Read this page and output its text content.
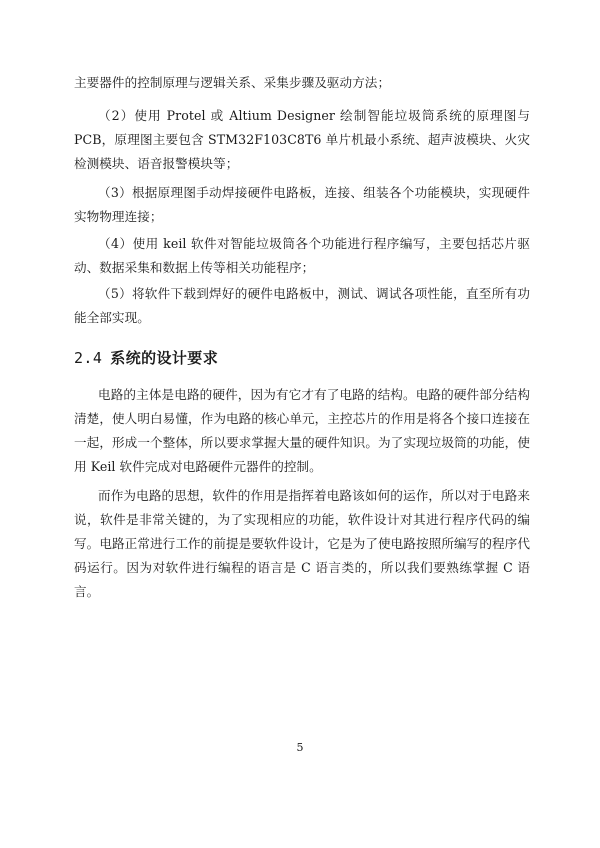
主要器件的控制原理与逻辑关系、采集步骤及驱动方法；

（2）使用 Protel 或 Altium Designer 绘制智能垃圾筒系统的原理图与 PCB，原理图主要包含 STM32F103C8T6 单片机最小系统、超声波模块、火灾检测模块、语音报警模块等；

（3）根据原理图手动焊接硬件电路板，连接、组装各个功能模块，实现硬件实物物理连接；

（4）使用 keil 软件对智能垃圾筒各个功能进行程序编写，主要包括芯片驱动、数据采集和数据上传等相关功能程序；

（5）将软件下载到焊好的硬件电路板中，测试、调试各项性能，直至所有功能全部实现。

2.4 系统的设计要求

电路的主体是电路的硬件，因为有它才有了电路的结构。电路的硬件部分结构清楚，使人明白易懂，作为电路的核心单元，主控芯片的作用是将各个接口连接在一起，形成一个整体，所以要求掌握大量的硬件知识。为了实现垃圾筒的功能，使用 Keil 软件完成对电路硬件元器件的控制。

而作为电路的思想，软件的作用是指挥着电路该如何的运作，所以对于电路来说，软件是非常关键的，为了实现相应的功能，软件设计对其进行程序代码的编写。电路正常进行工作的前提是要软件设计，它是为了使电路按照所编写的程序代码运行。因为对软件进行编程的语言是 C 语言类的，所以我们要熟练掌握 C 语言。

5
